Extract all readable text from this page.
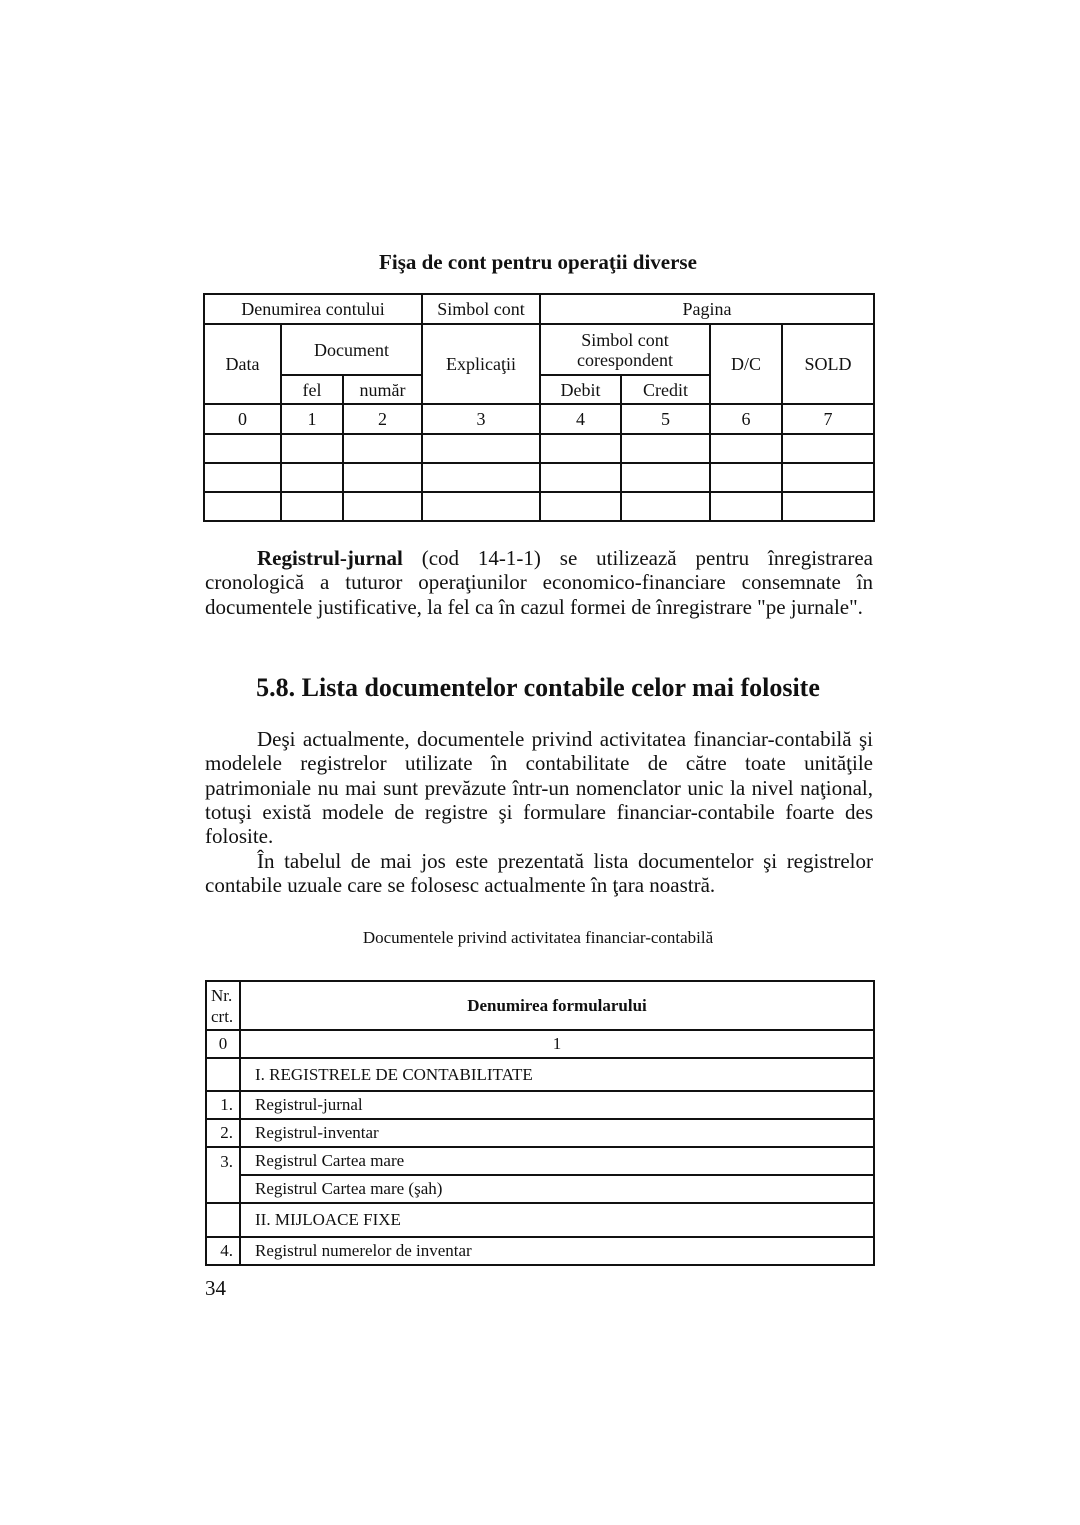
Fişa de cont pentru operaţii diverse
Denumirea contului			Simbol cont	Pagina			
Data	Document		Explicaţii	Simbol cont corespondent		D/C	SOLD
	fel	număr		Debit	Credit		
0	1	2	3	4	5	6	7

Registrul-jurnal (cod 14-1-1) se utilizează pentru înregistrarea cronologică a tuturor operaţiunilor economico-financiare consemnate în documentele justificative, la fel ca în cazul formei de înregistrare "pe jurnale".

5.8. Lista documentelor contabile celor mai folosite

Deşi actualmente, documentele privind activitatea financiar-contabilă şi modelele registrelor utilizate în contabilitate de către toate unităţile patrimoniale nu mai sunt prevăzute într-un nomenclator unic la nivel naţional, totuşi există modele de registre şi formulare financiar-contabile foarte des folosite.

În tabelul de mai jos este prezentată lista documentelor şi registrelor contabile uzuale care se folosesc actualmente în ţara noastră.

Documentele privind activitatea financiar-contabilă
Nr. crt.	Denumirea formularului
0	1
	I. REGISTRELE DE CONTABILITATE
1.	Registrul-jurnal
2.	Registrul-inventar
3.	Registrul Cartea mare
	Registrul Cartea mare (şah)
	II. MIJLOACE FIXE
4.	Registrul numerelor de inventar
34
